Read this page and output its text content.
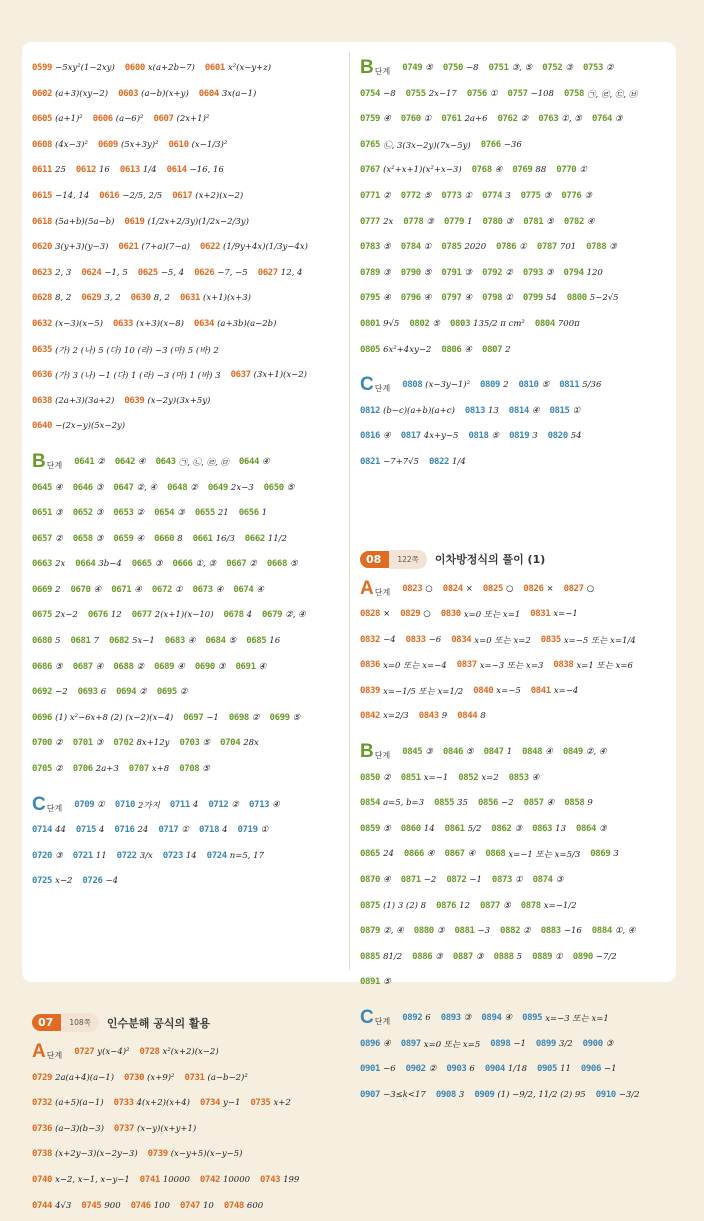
0599 −5xy²(1−2xy) 0600 x(a+2b−7) 0601 x²(x−y+z)
0602 (a+3)(xy−2) 0603 (a−b)(x+y) 0604 3x(a−1)
0605 (a+1)² 0606 (a−6)² 0607 (2x+1)²
0608 (4x−3)² 0609 (5x+3y)² 0610 (x−1/3)²
0611 25 0612 16 0613 1/4 0614 −16, 16
0615 −14, 14 0616 −2/5, 2/5 0617 (x+2)(x−2)
0618 (5a+b)(5a−b) 0619 (1/2x+2/3y)(1/2x−2/3y)
0620 3(y+3)(y−3) 0621 (7+a)(7−a) 0622 (1/9y+4x)(1/3y−4x)
0623 2, 3 0624 −1, 5 0625 −5, 4 0626 −7, −5 0627 12, 4
0628 8, 2 0629 3, 2 0630 8, 2 0631 (x+1)(x+3)
0632 (x−3)(x−5) 0633 (x+3)(x−8) 0634 (a+3b)(a−2b)
0635 (가) 2 (나) 5 (다) 10 (라) −3 (마) 5 (바) 2
0636 (가) 3 (나) −1 (다) 1 (라) −3 (마) 1 (바) 3 0637 (3x+1)(x−2)
0638 (2a+3)(3a+2) 0639 (x−2y)(3x+5y)
0640 −(2x−y)(5x−2y)
B 단계 0641 ② 0642 ④ 0643 ㉠, ㉡, ㉣, ㉤ 0644 ④
0645 ④ 0646 ③ 0647 ②, ④ 0648 ② 0649 2x−3 0650 ⑤
0651 ③ 0652 ③ 0653 ② 0654 ③ 0655 21 0656 1
0657 ② 0658 ③ 0659 ④ 0660 8 0661 16/3 0662 11/2
0663 2x 0664 3b−4 0665 ③ 0666 ①, ③ 0667 ② 0668 ⑤
0669 2 0670 ④ 0671 ④ 0672 ① 0673 ④ 0674 ④
0675 2x−2 0676 12 0677 2(x+1)(x−10) 0678 4 0679 ②, ④
0680 5 0681 7 0682 5x−1 0683 ④ 0684 ⑤ 0685 16
0686 ⑤ 0687 ④ 0688 ② 0689 ④ 0690 ③ 0691 ④
0692 −2 0693 6 0694 ② 0695 ②
0696 (1) x²−6x+8 (2) (x−2)(x−4) 0697 −1 0698 ② 0699 ⑤
0700 ② 0701 ③ 0702 8x+12y 0703 ⑤ 0704 28x
0705 ② 0706 2a+3 0707 x+8 0708 ⑤
C 단계 0709 ① 0710 2가지 0711 4 0712 ② 0713 ④
0714 44 0715 4 0716 24 0717 ① 0718 4 0719 ①
0720 ③ 0721 11 0722 3/x 0723 14 0724 n=5, 17
0725 x−2 0726 −4
07	108쪽	인수분해 공식의 활용
A 단계 0727 y(x−4)² 0728 x²(x+2)(x−2)
0729 2a(a+4)(a−1) 0730 (x+9)² 0731 (a−b−2)²
0732 (a+5)(a−1) 0733 4(x+2)(x+4) 0734 y−1 0735 x+2
0736 (a−3)(b−3) 0737 (x−y)(x+y+1)
0738 (x+2y−3)(x−2y−3) 0739 (x−y+5)(x−y−5)
0740 x−2, x−1, x−y−1 0741 10000 0742 10000 0743 199
0744 4√3 0745 900 0746 100 0747 10 0748 600
B 단계 0749 ⑤ 0750 −8 0751 ③, ⑤ 0752 ③ 0753 ②
0754 −8 0755 2x−17 0756 ① 0757 −108 0758 ㉠, ㉣, ㉢, ㉥
0759 ④ 0760 ① 0761 2a+6 0762 ② 0763 ①, ⑤ 0764 ③
0765 ㉡, 3(3x−2y)(7x−5y) 0766 −36
0767 (x²+x+1)(x²+x−3) 0768 ④ 0769 88 0770 ①
0771 ② 0772 ⑤ 0773 ① 0774 3 0775 ③ 0776 ③
0777 2x 0778 ③ 0779 1 0780 ③ 0781 ⑤ 0782 ④
0783 ⑤ 0784 ① 0785 2020 0786 ① 0787 701 0788 ③
0789 ③ 0790 ⑤ 0791 ③ 0792 ② 0793 ③ 0794 120
0795 ④ 0796 ④ 0797 ④ 0798 ① 0799 54 0800 5−2√5
0801 9√5 0802 ⑤ 0803 135/2 π cm² 0804 700π
0805 6x²+4xy−2 0806 ④ 0807 2
C 단계 0808 (x−3y−1)² 0809 2 0810 ⑤ 0811 5/36
0812 (b−c)(a+b)(a+c) 0813 13 0814 ④ 0815 ①
0816 ④ 0817 4x+y−5 0818 ⑤ 0819 3 0820 54
0821 −7+7√5 0822 1/4
08	122쪽	이차방정식의 풀이 (1)
A 단계 0823 ○ 0824 × 0825 ○ 0826 × 0827 ○
0828 × 0829 ○ 0830 x=0 또는 x=1 0831 x=−1
0832 −4 0833 −6 0834 x=0 또는 x=2 0835 x=−5 또는 x=1/4
0836 x=0 또는 x=−4 0837 x=−3 또는 x=3 0838 x=1 또는 x=6
0839 x=−1/5 또는 x=1/2 0840 x=−5 0841 x=−4
0842 x=2/3 0843 9 0844 8
B 단계 0845 ③ 0846 ⑤ 0847 1 0848 ④ 0849 ②, ④
0850 ② 0851 x=−1 0852 x=2 0853 ④
0854 a=5, b=3 0855 35 0856 −2 0857 ④ 0858 9
0859 ⑤ 0860 14 0861 5/2 0862 ③ 0863 13 0864 ③
0865 24 0866 ④ 0867 ④ 0868 x=−1 또는 x=5/3 0869 3
0870 ④ 0871 −2 0872 −1 0873 ① 0874 ③
0875 (1) 3 (2) 8 0876 12 0877 ⑤ 0878 x=−1/2
0879 ②, ④ 0880 ③ 0881 −3 0882 ② 0883 −16 0884 ①, ④
0885 81/2 0886 ③ 0887 ③ 0888 5 0889 ① 0890 −7/2
0891 ⑤
C 단계 0892 6 0893 ③ 0894 ④ 0895 x=−3 또는 x=1
0896 ④ 0897 x=0 또는 x=5 0898 −1 0899 3/2 0900 ③
0901 −6 0902 ② 0903 6 0904 1/18 0905 11 0906 −1
0907 −3≤k<17 0908 3 0909 (1) −9/2, 11/2 (2) 95 0910 −3/2
